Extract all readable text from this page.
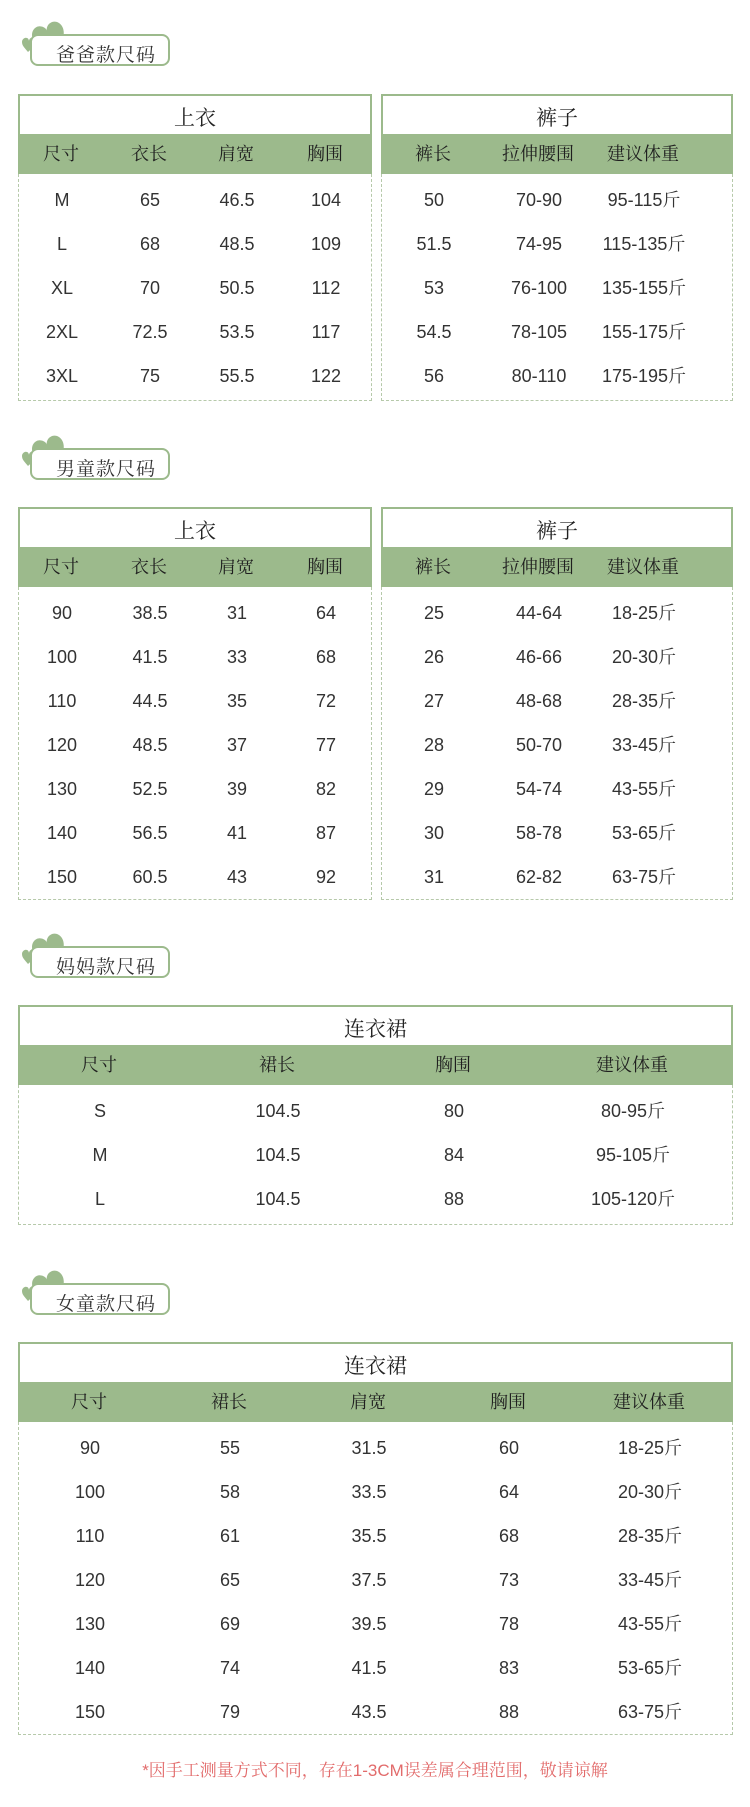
爸爸款尺码
男童款尺码
妈妈款尺码
女童款尺码
上衣
尺寸	衣长	肩宽	胸围
M	65	46.5	104
L	68	48.5	109
XL	70	50.5	112
2XL	72.5	53.5	117
3XL	75	55.5	122
裤子
裤长	拉伸腰围 建议体重
50	70-90	95-115斤
51.5	74-95 115-135斤
53	76-100 135-155斤
54.5	78-105 155-175斤
56	80-110 175-195斤
上衣
尺寸	衣长	肩宽	胸围
90	38.5	31	64
100	41.5	33	68
110	44.5	35	72
120	48.5	37	77
130	52.5	39	82
140	56.5	41	87
150	60.5	43	92
裤子
裤长	拉伸腰围 建议体重
25	44-64	18-25斤
26	46-66	20-30斤
27	48-68	28-35斤
28	50-70	33-45斤
29	54-74	43-55斤
30	58-78	53-65斤
31	62-82	63-75斤
连衣裙
尺寸	裙长	胸围	建议体重
S	104.5	80	80-95斤
M	104.5	84	95-105斤
L	104.5	88	105-120斤
连衣裙
尺寸	裙长	肩宽	胸围	建议体重
90	55	31.5	60	18-25斤
100	58	33.5	64	20-30斤
110	61	35.5	68	28-35斤
120	65	37.5	73	33-45斤
130	69	39.5	78	43-55斤
140	74	41.5	83	53-65斤
150	79	43.5	88	63-75斤
*因手工测量方式不同，存在1-3CM误差属合理范围，敬请谅解
